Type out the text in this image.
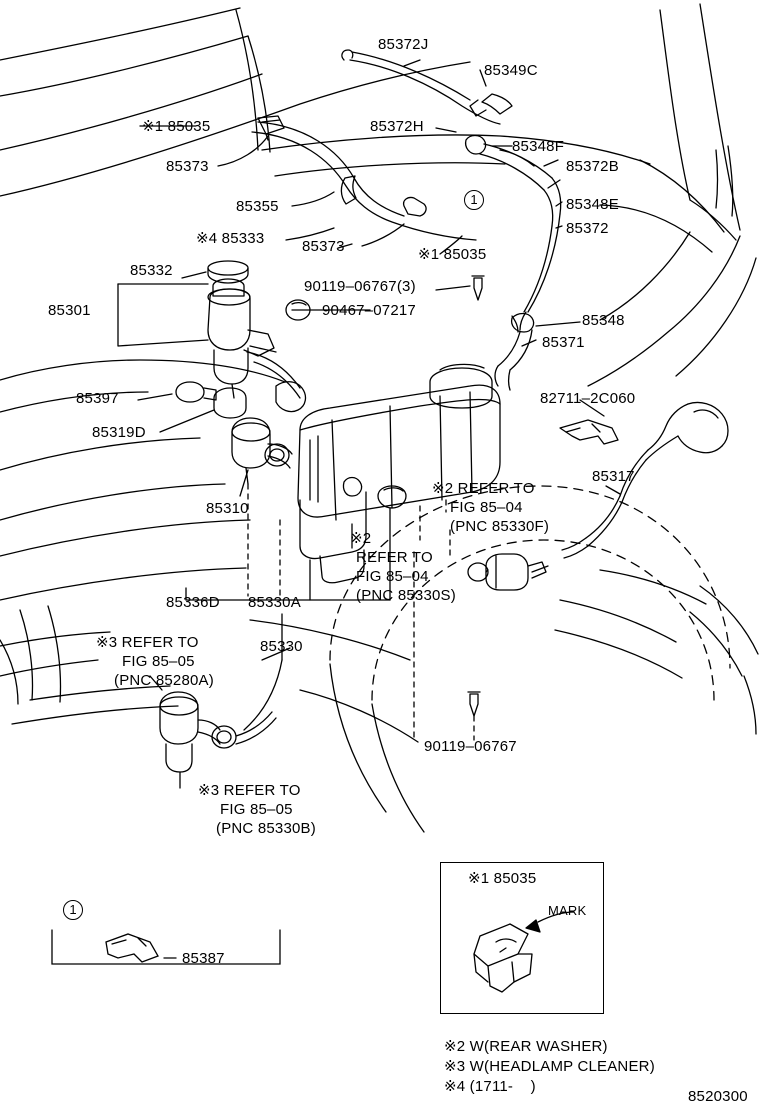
1
1
※1 85035
MARK
※2 W(REAR WASHER)
※3 W(HEADLAMP CLEANER)
※4 (1711-    )
8520300
85372J
85349C
85372H
85348F
85372B
※1 85035
85373
85348E
85372
85355
※4 85333	85373	※1 85035
85332
90119–06767(3)
90467–07217
85301
85348
85371
85397
85319D
82711–2C060
85310
85317
85336D 85330A
85330
90119–06767
85387
※2 REFER TO
FIG 85–04
(PNC 85330F)
※2
REFER TO
FIG 85–04
(PNC 85330S)
※3 REFER TO
FIG 85–05
(PNC 85280A)
※3 REFER TO
FIG 85–05
(PNC 85330B)
